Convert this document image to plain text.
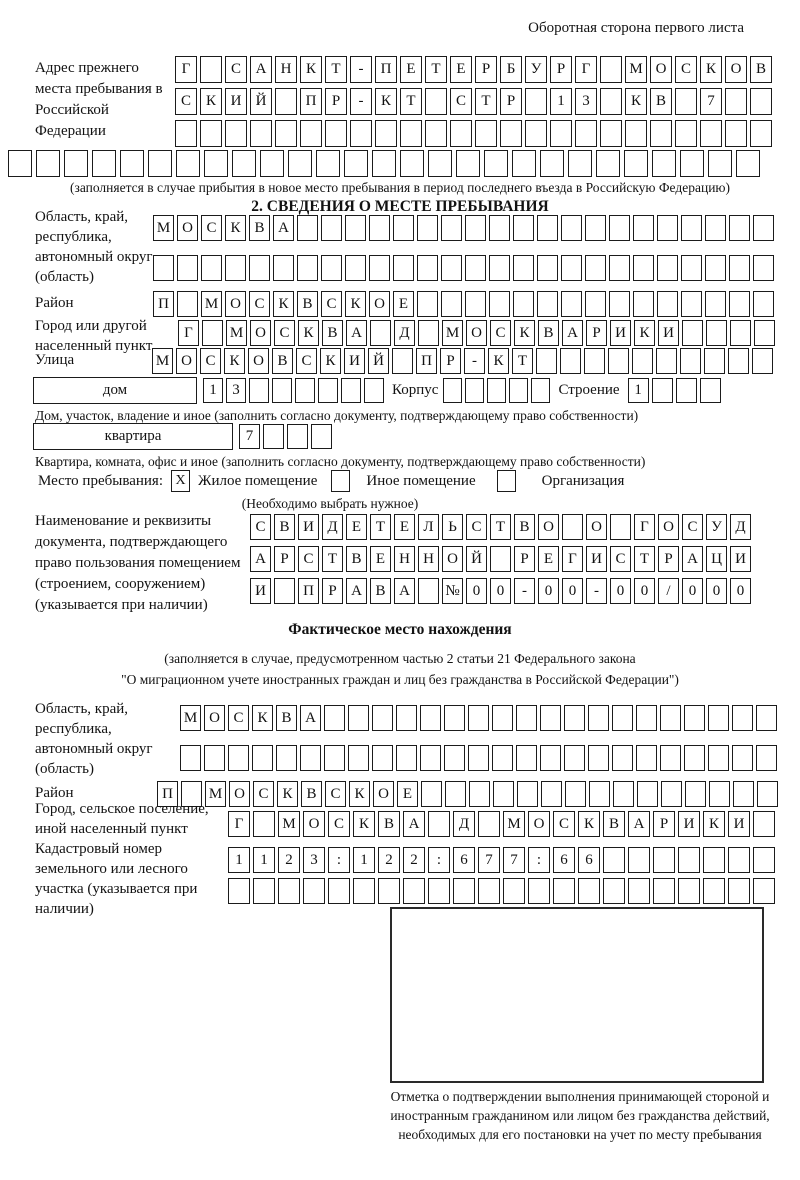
Оборотная сторона первого листа
Адрес прежнего места пребывания в Российской Федерации
Г	С А Н К	Т	-	П Е	Т	Е	Р	Б	У	Р	Г	М О С К О В
С К И Й	П	Р	-	К	Т	С	Т	Р	1	3	К В	7
(заполняется в случае прибытия в новое место пребывания в период последнего въезда в Российскую Федерацию)
2. СВЕДЕНИЯ О МЕСТЕ ПРЕБЫВАНИЯ
Область, край, республика, автономный округ (область)
М О С К В А
Район	П	М О С К В С К О Е
Город или другой населенный пункт
Г	М О С К В А	Д	М О С К В А Р И К И
Улица	М О С К О В С К И Й	П Р	-	К Т
дом	1	3	Корпус	Строение 1
Дом, участок, владение и иное (заполнить согласно документу, подтверждающему право собственности)
квартира	7
Квартира, комната, офис и иное (заполнить согласно документу, подтверждающему право собственности)
Место пребывания: X Жилое помещение	Иное помещение	Организация
(Необходимо выбрать нужное)
Наименование и реквизиты документа, подтверждающего право пользования помещением (строением, сооружением) (указывается при наличии)
С В И Д Е Т Е Л Ь С Т В О	О	Г О С У Д
А Р С Т В Е Н Н О Й	Р	Е	Г И С Т	Р А Ц И
И	П Р А В А	№ 0	0	-	0	0	-	0	0	/	0	0	0
Фактическое место нахождения
(заполняется в случае, предусмотренном частью 2 статьи 21 Федерального закона
"О миграционном учете иностранных граждан и лиц без гражданства в Российской Федерации")
Область, край, республика, автономный округ (область)
М О С К В А
Район	П	М О С К В С К О Е
Город, сельское поселение, иной населенный пункт	Г	М О С К В А	Д	М О С К В А	Р	И К И
Кадастровый номер земельного или лесного участка (указывается при наличии)
1	1	2	3	:	1	2	2	:	6	7	7	:	6	6
Отметка о подтверждении выполнения принимающей стороной и иностранным гражданином или лицом без гражданства действий, необходимых для его постановки на учет по месту пребывания
